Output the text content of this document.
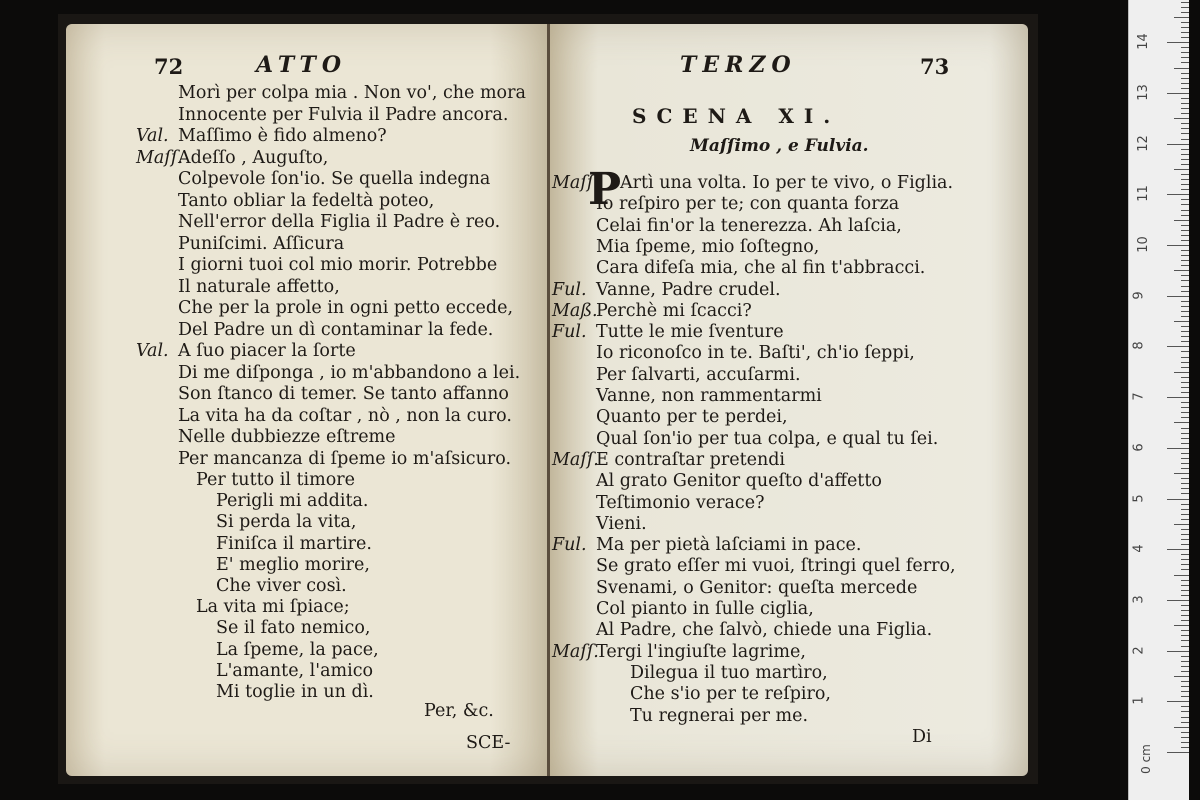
72	ATTO
Morì per colpa mia . Non vo', che mora
Innocente per Fulvia il Padre ancora.
Val. Maſſimo è fido almeno?
Maſſ.
Adeſſo , Auguſto,
Colpevole ſon'io. Se quella indegna
Tanto obliar la fedeltà poteo,
Nell'error della Figlia il Padre è reo.
Puniſcimi. Aſſicura
I giorni tuoi col mio morir. Potrebbe
Il naturale affetto,
Che per la prole in ogni petto eccede,
Del Padre un dì contaminar la fede.
Val. A ſuo piacer la ſorte
Di me diſponga , io m'abbandono a lei.
Son ſtanco di temer. Se tanto affanno
La vita ha da coſtar , nò , non la curo.
Nelle dubbiezze eſtreme
Per mancanza di ſpeme io m'aſsicuro.
Per tutto il timore
Perigli mi addita.
Si perda la vita,
Finiſca il martire.
E' meglio morire,
Che viver così.
La vita mi ſpiace;
Se il fato nemico,
La ſpeme, la pace,
L'amante, l'amico
Mi toglie in un dì.
Per, &c.
SCE-
TERZO	73
SCENA XI.
Maſſimo , e Fulvia.
P
Artì una volta. Io per te vivo, o Figlia.
Maſſ.
Io reſpiro per te; con quanta forza
Celai fin'or la tenerezza. Ah laſcia,
Mia ſpeme, mio ſoſtegno,
Cara difeſa mia, che al fin t'abbracci.
Ful. Vanne, Padre crudel.
Maß.
Perchè mi ſcacci?
Ful. Tutte le mie ſventure
Io riconoſco in te. Baſti', ch'io ſeppi,
Per ſalvarti, accuſarmi.
Vanne, non rammentarmi
Quanto per te perdei,
Qual ſon'io per tua colpa, e qual tu ſei.
Maſſ.
E contraſtar pretendi
Al grato Genitor queſto d'affetto
Teſtimonio verace?
Vieni.
Ful. Ma per pietà laſciami in pace.
Se grato eſſer mi vuoi, ſtringi quel ferro,
Svenami, o Genitor: queſta mercede
Col pianto in ſulle ciglia,
Al Padre, che ſalvò, chiede una Figlia.
Maſſ.
Tergi l'ingiuſte lagrime,
Dilegua il tuo martìro,
Che s'io per te reſpiro,
Tu regnerai per me.
Di
1
2
3
4
5
6
7
8
9
10
11
12
13
14
0 cm
